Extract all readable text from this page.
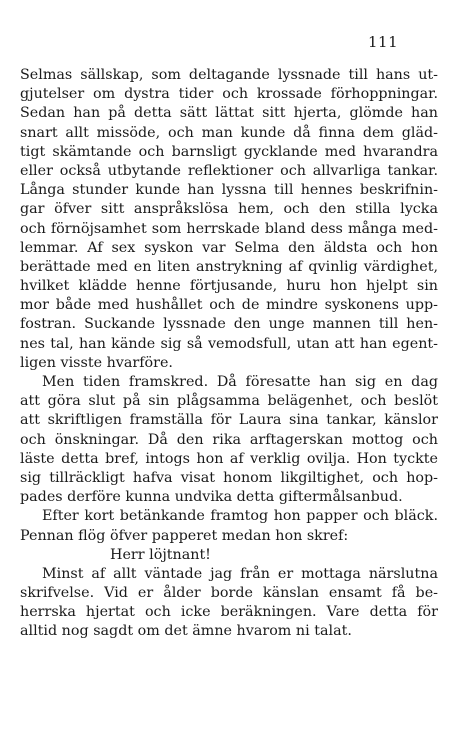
111
Selmas sällskap, som deltagande lyssnade till hans ut-
gjutelser om dystra tider och krossade förhoppningar.
Sedan han på detta sätt lättat sitt hjerta, glömde han
snart allt missöde, och man kunde då finna dem gläd-
tigt skämtande och barnsligt gycklande med hvarandra
eller också utbytande reflektioner och allvarliga tankar.
Långa stunder kunde han lyssna till hennes beskrifnin-
gar öfver sitt anspråkslösa hem, och den stilla lycka
och förnöjsamhet som herrskade bland dess många med-
lemmar. Af sex syskon var Selma den äldsta och hon
berättade med en liten anstrykning af qvinlig värdighet,
hvilket klädde henne förtjusande, huru hon hjelpt sin
mor både med hushållet och de mindre syskonens upp-
fostran. Suckande lyssnade den unge mannen till hen-
nes tal, han kände sig så vemodsfull, utan att han egent-
ligen visste hvarföre.
Men tiden framskred. Då föresatte han sig en dag
att göra slut på sin plågsamma belägenhet, och beslöt
att skriftligen framställa för Laura sina tankar, känslor
och önskningar. Då den rika arftagerskan mottog och
läste detta bref, intogs hon af verklig ovilja. Hon tyckte
sig tillräckligt hafva visat honom likgiltighet, och hop-
pades derföre kunna undvika detta giftermålsanbud.
Efter kort betänkande framtog hon papper och bläck.
Pennan flög öfver papperet medan hon skref:
Herr löjtnant!
Minst af allt väntade jag från er mottaga närslutna
skrifvelse. Vid er ålder borde känslan ensamt få be-
herrska hjertat och icke beräkningen. Vare detta för
alltid nog sagdt om det ämne hvarom ni talat.
